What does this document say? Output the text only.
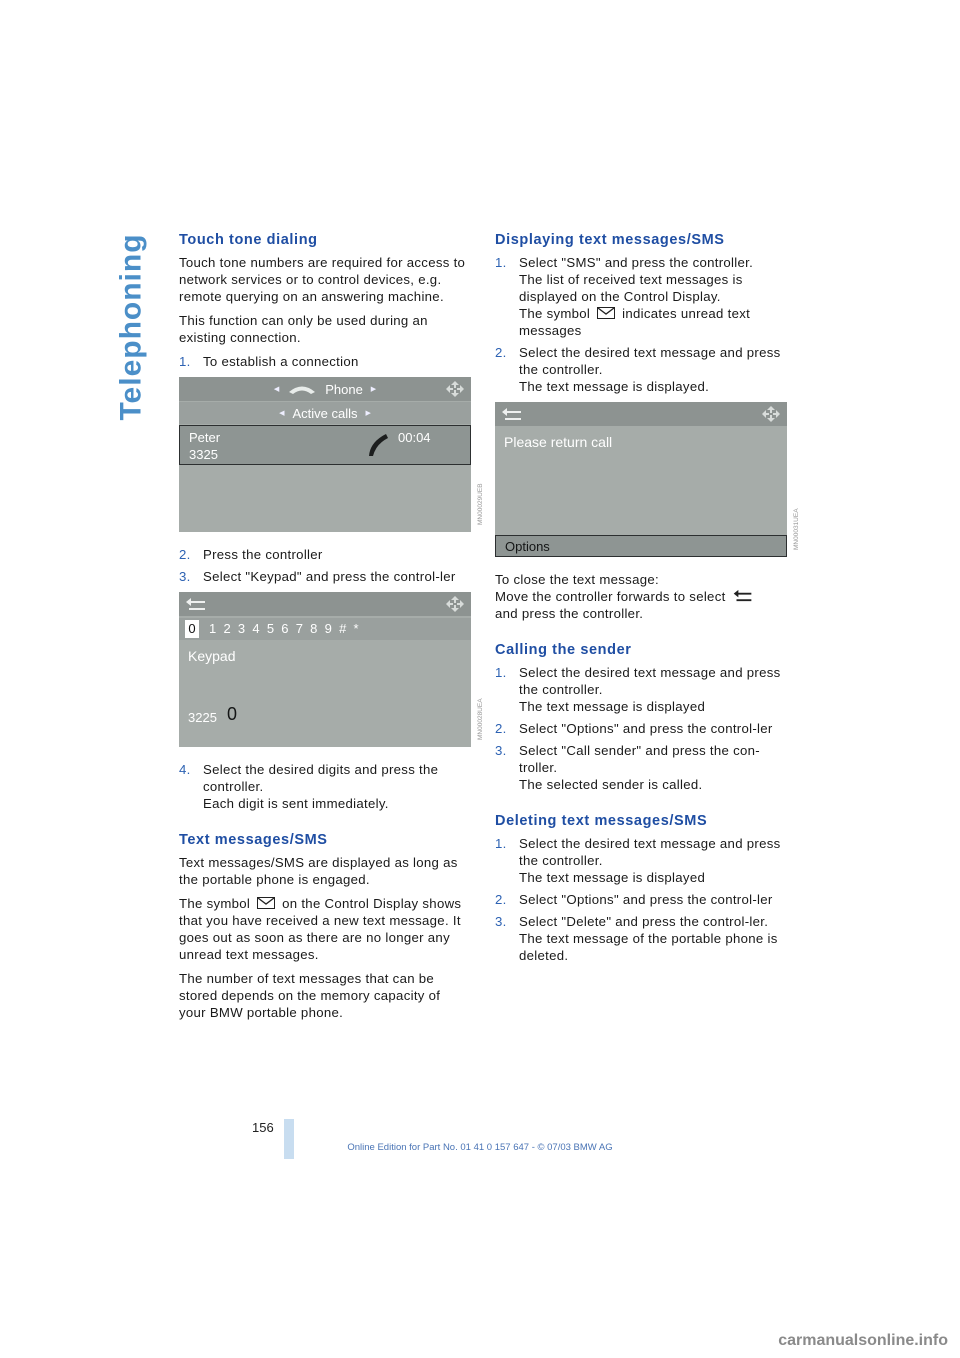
Telephoning Touch tone dialing

Touch tone numbers are required for access to network services or to control devices, e.g. remote querying on an answering machine.

This function can only be used during an existing connection.

1. To establish a connection
◀	Phone ▶
◀ Active calls ▶
Peter
3325
00:04
MN00029UEB
2. Press the controller
3. Select "Keypad" and press the control-ler
0 1  2  3  4  5  6  7  8  9  #  *
Keypad
3225 0	MN00028UEA
4. Select the desired digits and press the controller.
Each digit is sent immediately.
Text messages/SMS

Text messages/SMS are displayed as long as the portable phone is engaged.

The symbol on the Control Display shows that you have received a new text message. It goes out as soon as there are no longer any unread text messages.

The number of text messages that can be stored depends on the memory capacity of your BMW portable phone.

Displaying text messages/SMS
1. Select "SMS" and press the controller.
The list of received text messages is displayed on the Control Display.
The symbol indicates unread text messages
2. Select the desired text message and press the controller.
The text message is displayed.
Please return call
Options	MN00031UEA

To close the text message:
Move the controller forwards to select
and press the controller.

Calling the sender
1. Select the desired text message and press the controller.
The text message is displayed
2. Select "Options" and press the control-ler
3. Select "Call sender" and press the con-troller.
The selected sender is called.
Deleting text messages/SMS
1. Select the desired text message and press the controller.
The text message is displayed
2. Select "Options" and press the control-ler
3. Select "Delete" and press the control-ler.
The text message of the portable phone is deleted.
156
Online Edition for Part No. 01 41 0 157 647 - © 07/03 BMW AG
carmanualsonline.info
